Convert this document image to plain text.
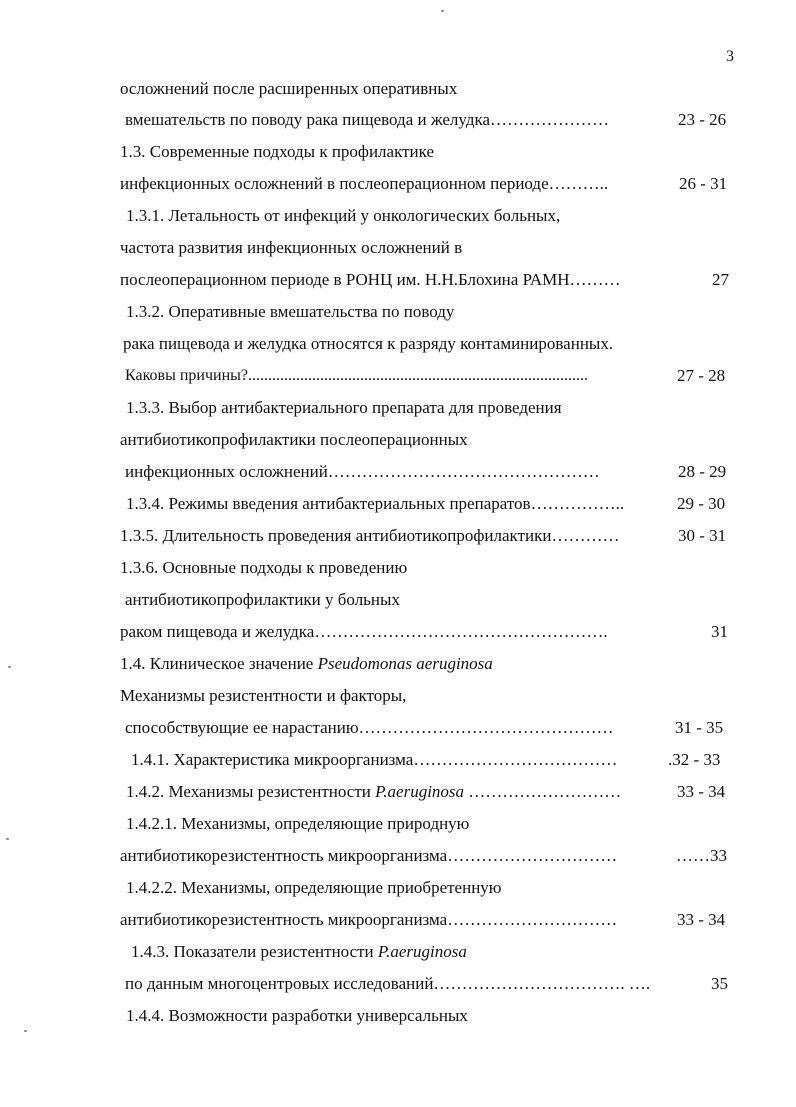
3
осложнений после расширенных оперативных
вмешательств по поводу рака пищевода и желудка…………………	23 - 26
1.3. Современные подходы к профилактике
инфекционных осложнений в послеоперационном периоде………..	26 - 31
1.3.1. Летальность от инфекций у онкологических больных,
частота развития инфекционных осложнений в
послеоперационном периоде в РОНЦ им. Н.Н.Блохина РАМН………	27
1.3.2. Оперативные вмешательства по поводу
рака пищевода и желудка относятся к разряду контаминированных.
Каковы причины?.....................................................................................	27 - 28
1.3.3. Выбор антибактериального препарата для проведения
антибиотикопрофилактики послеоперационных
инфекционных осложнений…………………………………………	28 - 29
1.3.4. Режимы введения антибактериальных препаратов……………..	29 - 30
1.3.5. Длительность проведения антибиотикопрофилактики…………	30 - 31
1.3.6. Основные подходы к проведению
антибиотикопрофилактики у больных
раком пищевода и желудка…………………………………………….	31
1.4. Клиническое значение Pseudomonas aeruginosa
Механизмы резистентности и факторы,
способствующие ее нарастанию………………………………………	31 - 35
1.4.1. Характеристика микроорганизма………………………………	.32 - 33
1.4.2. Механизмы резистентности P.aeruginosa ………………………	33 - 34
1.4.2.1. Механизмы, определяющие природную
антибиотикорезистентность микроорганизма…………………………	……33
1.4.2.2. Механизмы, определяющие приобретенную
антибиотикорезистентность микроорганизма…………………………	33 - 34
1.4.3. Показатели резистентности P.aeruginosa
по данным многоцентровых исследований……………………………. ….	35
1.4.4. Возможности разработки универсальных
